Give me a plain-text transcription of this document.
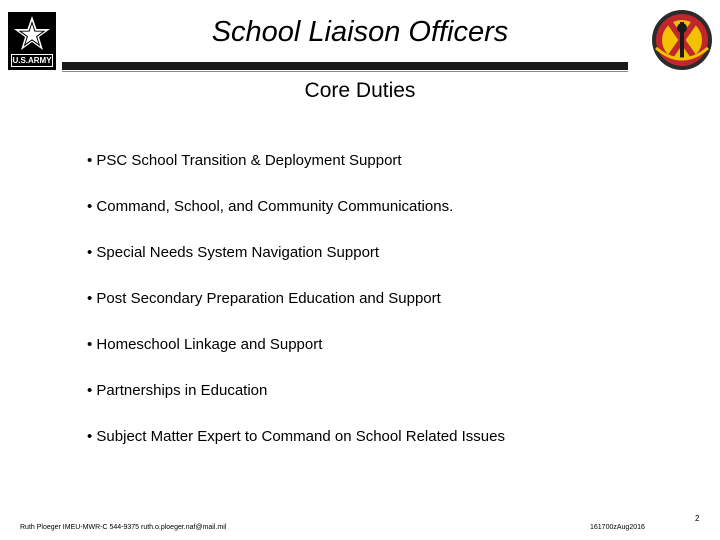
U.S.ARMY
School Liaison Officers
Core Duties
• PSC School Transition & Deployment Support
• Command, School, and Community Communications.
• Special Needs System Navigation Support
• Post Secondary Preparation Education and Support
• Homeschool Linkage and Support
• Partnerships in Education
• Subject Matter Expert to Command on School Related Issues
Ruth Ploeger IMEU-MWR-C 544-9375 ruth.o.ploeger.naf@mail.mil	161700zAug2016
2
